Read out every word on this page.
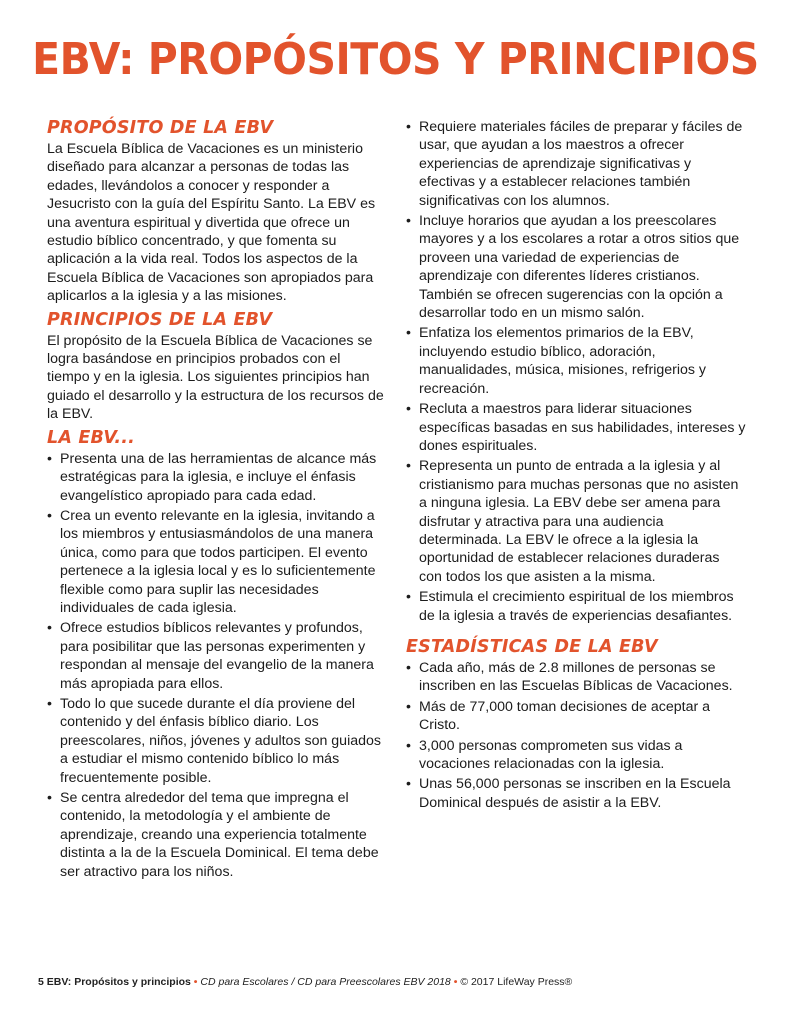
EBV: PROPÓSITOS Y PRINCIPIOS
PROPÓSITO DE LA EBV

La Escuela Bíblica de Vacaciones es un ministerio diseñado para alcanzar a personas de todas las edades, llevándolos a conocer y responder a Jesucristo con la guía del Espíritu Santo. La EBV es una aventura espiritual y divertida que ofrece un estudio bíblico concentrado, y que fomenta su aplicación a la vida real. Todos los aspectos de la Escuela Bíblica de Vacaciones son apropiados para aplicarlos a la iglesia y a las misiones.

PRINCIPIOS DE LA EBV

El propósito de la Escuela Bíblica de Vacaciones se logra basándose en principios probados con el tiempo y en la iglesia. Los siguientes principios han guiado el desarrollo y la estructura de los recursos de la EBV.

LA EBV...
• Presenta una de las herramientas de alcance más estratégicas para la iglesia, e incluye el énfasis evangelístico apropiado para cada edad.
• Crea un evento relevante en la iglesia, invitando a los miembros y entusiasmándolos de una manera única, como para que todos participen. El evento pertenece a la iglesia local y es lo suficientemente flexible como para suplir las necesidades individuales de cada iglesia.
• Ofrece estudios bíblicos relevantes y profundos, para posibilitar que las personas experimenten y respondan al mensaje del evangelio de la manera más apropiada para ellos.
• Todo lo que sucede durante el día proviene del contenido y del énfasis bíblico diario. Los preescolares, niños, jóvenes y adultos son guiados a estudiar el mismo contenido bíblico lo más frecuentemente posible.
• Se centra alrededor del tema que impregna el contenido, la metodología y el ambiente de aprendizaje, creando una experiencia totalmente distinta a la de la Escuela Dominical. El tema debe ser atractivo para los niños.
• Requiere materiales fáciles de preparar y fáciles de usar, que ayudan a los maestros a ofrecer experiencias de aprendizaje significativas y efectivas y a establecer relaciones también significativas con los alumnos.
• Incluye horarios que ayudan a los preescolares mayores y a los escolares a rotar a otros sitios que proveen una variedad de experiencias de aprendizaje con diferentes líderes cristianos. También se ofrecen sugerencias con la opción a desarrollar todo en un mismo salón.
• Enfatiza los elementos primarios de la EBV, incluyendo estudio bíblico, adoración, manualidades, música, misiones, refrigerios y recreación.
• Recluta a maestros para liderar situaciones específicas basadas en sus habilidades, intereses y dones espirituales.
• Representa un punto de entrada a la iglesia y al cristianismo para muchas personas que no asisten a ninguna iglesia. La EBV debe ser amena para disfrutar y atractiva para una audiencia determinada. La EBV le ofrece a la iglesia la oportunidad de establecer relaciones duraderas con todos los que asisten a la misma.
• Estimula el crecimiento espiritual de los miembros de la iglesia a través de experiencias desafiantes.
ESTADÍSTICAS DE LA EBV
• Cada año, más de 2.8 millones de personas se inscriben en las Escuelas Bíblicas de Vacaciones.
• Más de 77,000 toman decisiones de aceptar a Cristo.
• 3,000 personas comprometen sus vidas a vocaciones relacionadas con la iglesia.
• Unas 56,000 personas se inscriben en la Escuela Dominical después de asistir a la EBV.
5 EBV: Propósitos y principios • CD para Escolares / CD para Preescolares EBV 2018 • © 2017 LifeWay Press®
